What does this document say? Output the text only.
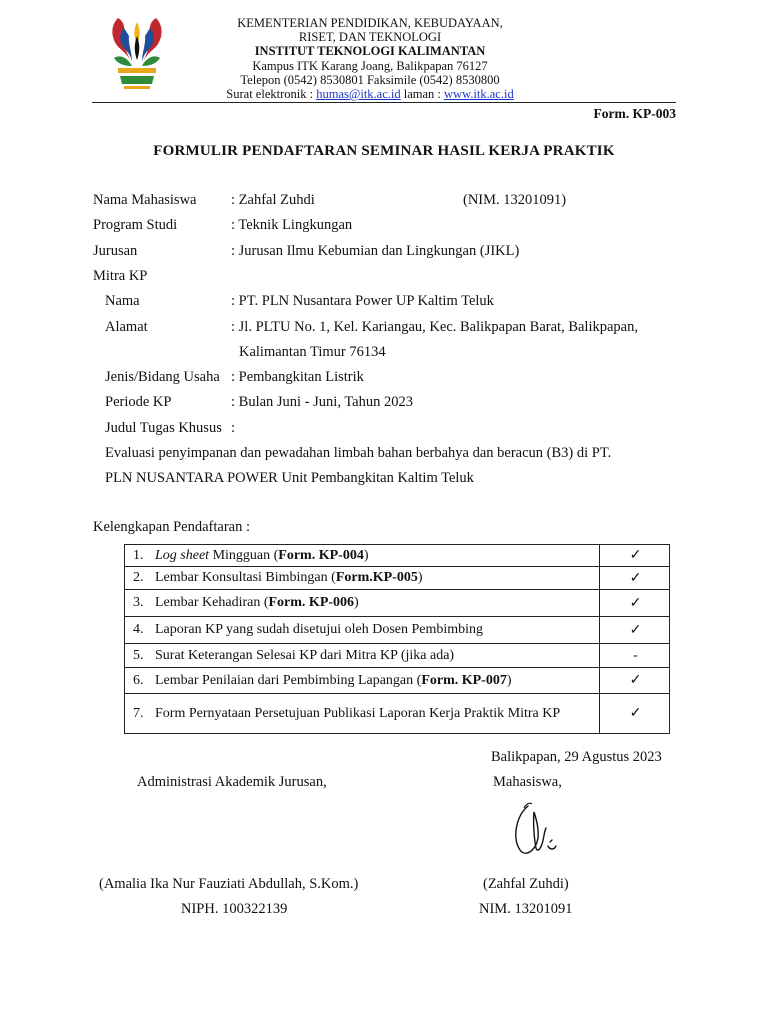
KEMENTERIAN PENDIDIKAN, KEBUDAYAAN,
RISET, DAN TEKNOLOGI
INSTITUT TEKNOLOGI KALIMANTAN
Kampus ITK Karang Joang, Balikpapan 76127
Telepon (0542) 8530801 Faksimile (0542) 8530800
Surat elektronik : humas@itk.ac.id laman : www.itk.ac.id
Form. KP-003
FORMULIR PENDAFTARAN SEMINAR HASIL KERJA PRAKTIK
Nama Mahasiswa : Zahfal Zuhdi	(NIM. 13201091)
Program Studi	: Teknik Lingkungan
Jurusan	: Jurusan Ilmu Kebumian dan Lingkungan (JIKL)
Mitra KP
Nama	: PT. PLN Nusantara Power UP Kaltim Teluk
Alamat	: Jl. PLTU No. 1, Kel. Kariangau, Kec. Balikpapan Barat, Balikpapan,
Kalimantan Timur 76134
Jenis/Bidang Usaha : Pembangkitan Listrik
Periode KP	: Bulan Juni - Juni, Tahun 2023
Judul Tugas Khusus :
Evaluasi penyimpanan dan pewadahan limbah bahan berbahya dan beracun (B3) di PT.
PLN NUSANTARA POWER Unit Pembangkitan Kaltim Teluk
Kelengkapan Pendaftaran :
1. Log sheet Mingguan (Form. KP-004)	✓
2. Lembar Konsultasi Bimbingan (Form.KP-005)	✓
3. Lembar Kehadiran (Form. KP-006)	✓
4. Laporan KP yang sudah disetujui oleh Dosen Pembimbing	✓
5. Surat Keterangan Selesai KP dari Mitra KP (jika ada)	-
6. Lembar Penilaian dari Pembimbing Lapangan (Form. KP-007)	✓

7. Form Pernyataan Persetujuan Publikasi Laporan Kerja Praktik Mitra KP	✓
Balikpapan, 29 Agustus 2023
Administrasi Akademik Jurusan,	Mahasiswa,
(Amalia Ika Nur Fauziati Abdullah, S.Kom.)	(Zahfal Zuhdi)
NIPH. 100322139	NIM. 13201091
